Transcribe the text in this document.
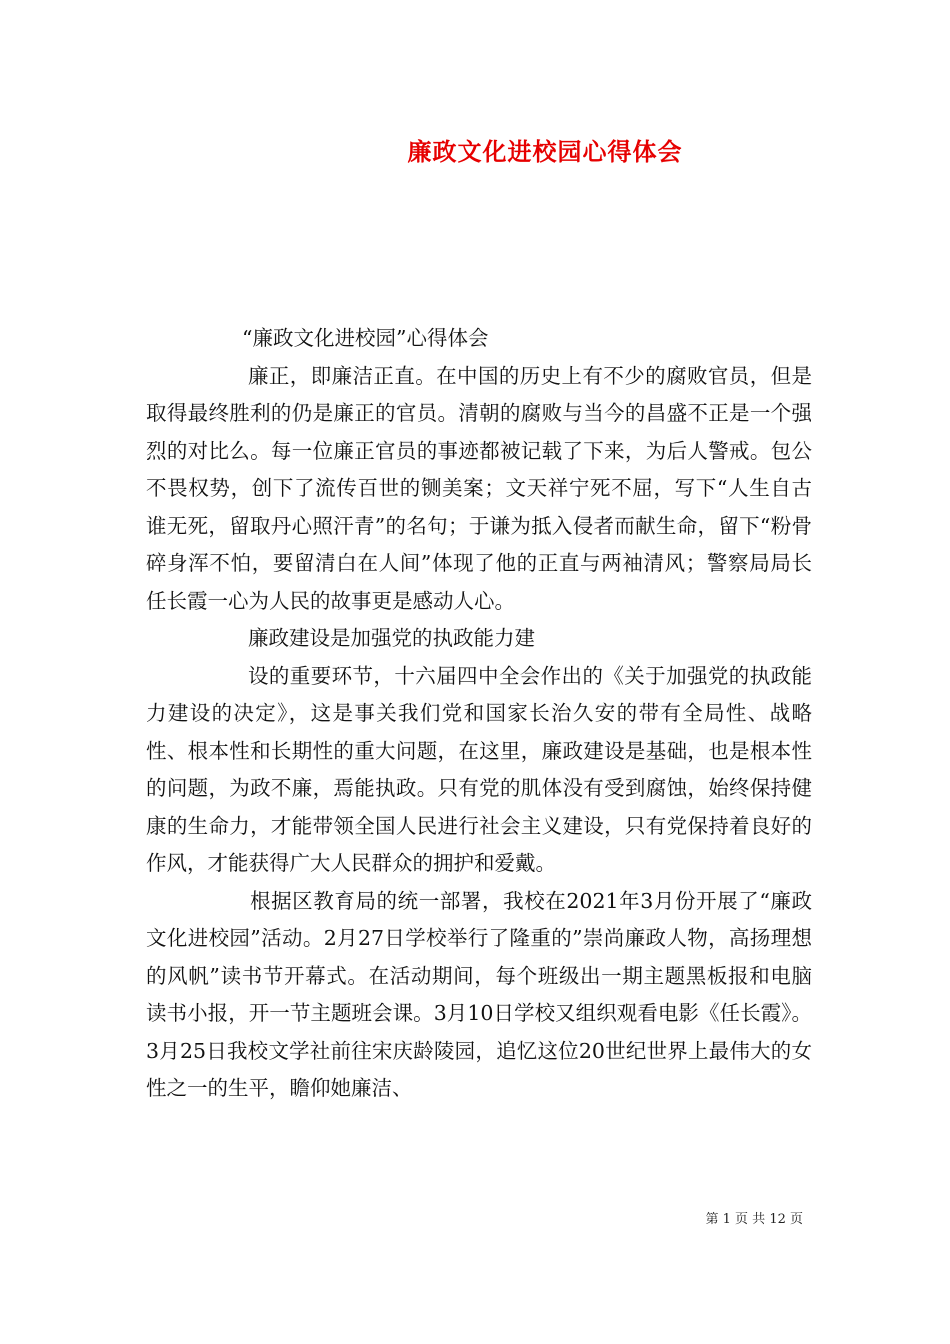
廉政文化进校园心得体会

“廉政文化进校园”心得体会

廉正，即廉洁正直。在中国的历史上有不少的腐败官员，但是取得最终胜利的仍是廉正的官员。清朝的腐败与当今的昌盛不正是一个强烈的对比么。每一位廉正官员的事迹都被记载了下来，为后人警戒。包公不畏权势，创下了流传百世的铡美案；文天祥宁死不屈，写下“人生自古谁无死，留取丹心照汗青”的名句；于谦为抵入侵者而献生命，留下“粉骨碎身浑不怕，要留清白在人间”体现了他的正直与两袖清风；警察局局长任长霞一心为人民的故事更是感动人心。

廉政建设是加强党的执政能力建

设的重要环节，十六届四中全会作出的《关于加强党的执政能力建设的决定》，这是事关我们党和国家长治久安的带有全局性、战略性、根本性和长期性的重大问题，在这里，廉政建设是基础，也是根本性的问题，为政不廉，焉能执政。只有党的肌体没有受到腐蚀，始终保持健康的生命力，才能带领全国人民进行社会主义建设，只有党保持着良好的作风，才能获得广大人民群众的拥护和爱戴。

根据区教育局的统一部署，我校在2021年3月份开展了“廉政文化进校园”活动。2月27日学校举行了隆重的”崇尚廉政人物，高扬理想的风帆”读书节开幕式。在活动期间，每个班级出一期主题黑板报和电脑读书小报，开一节主题班会课。3月10日学校又组织观看电影《任长霞》。3月25日我校文学社前往宋庆龄陵园，追忆这位20世纪世界上最伟大的女性之一的生平，瞻仰她廉洁、

第 1 页 共 12 页
